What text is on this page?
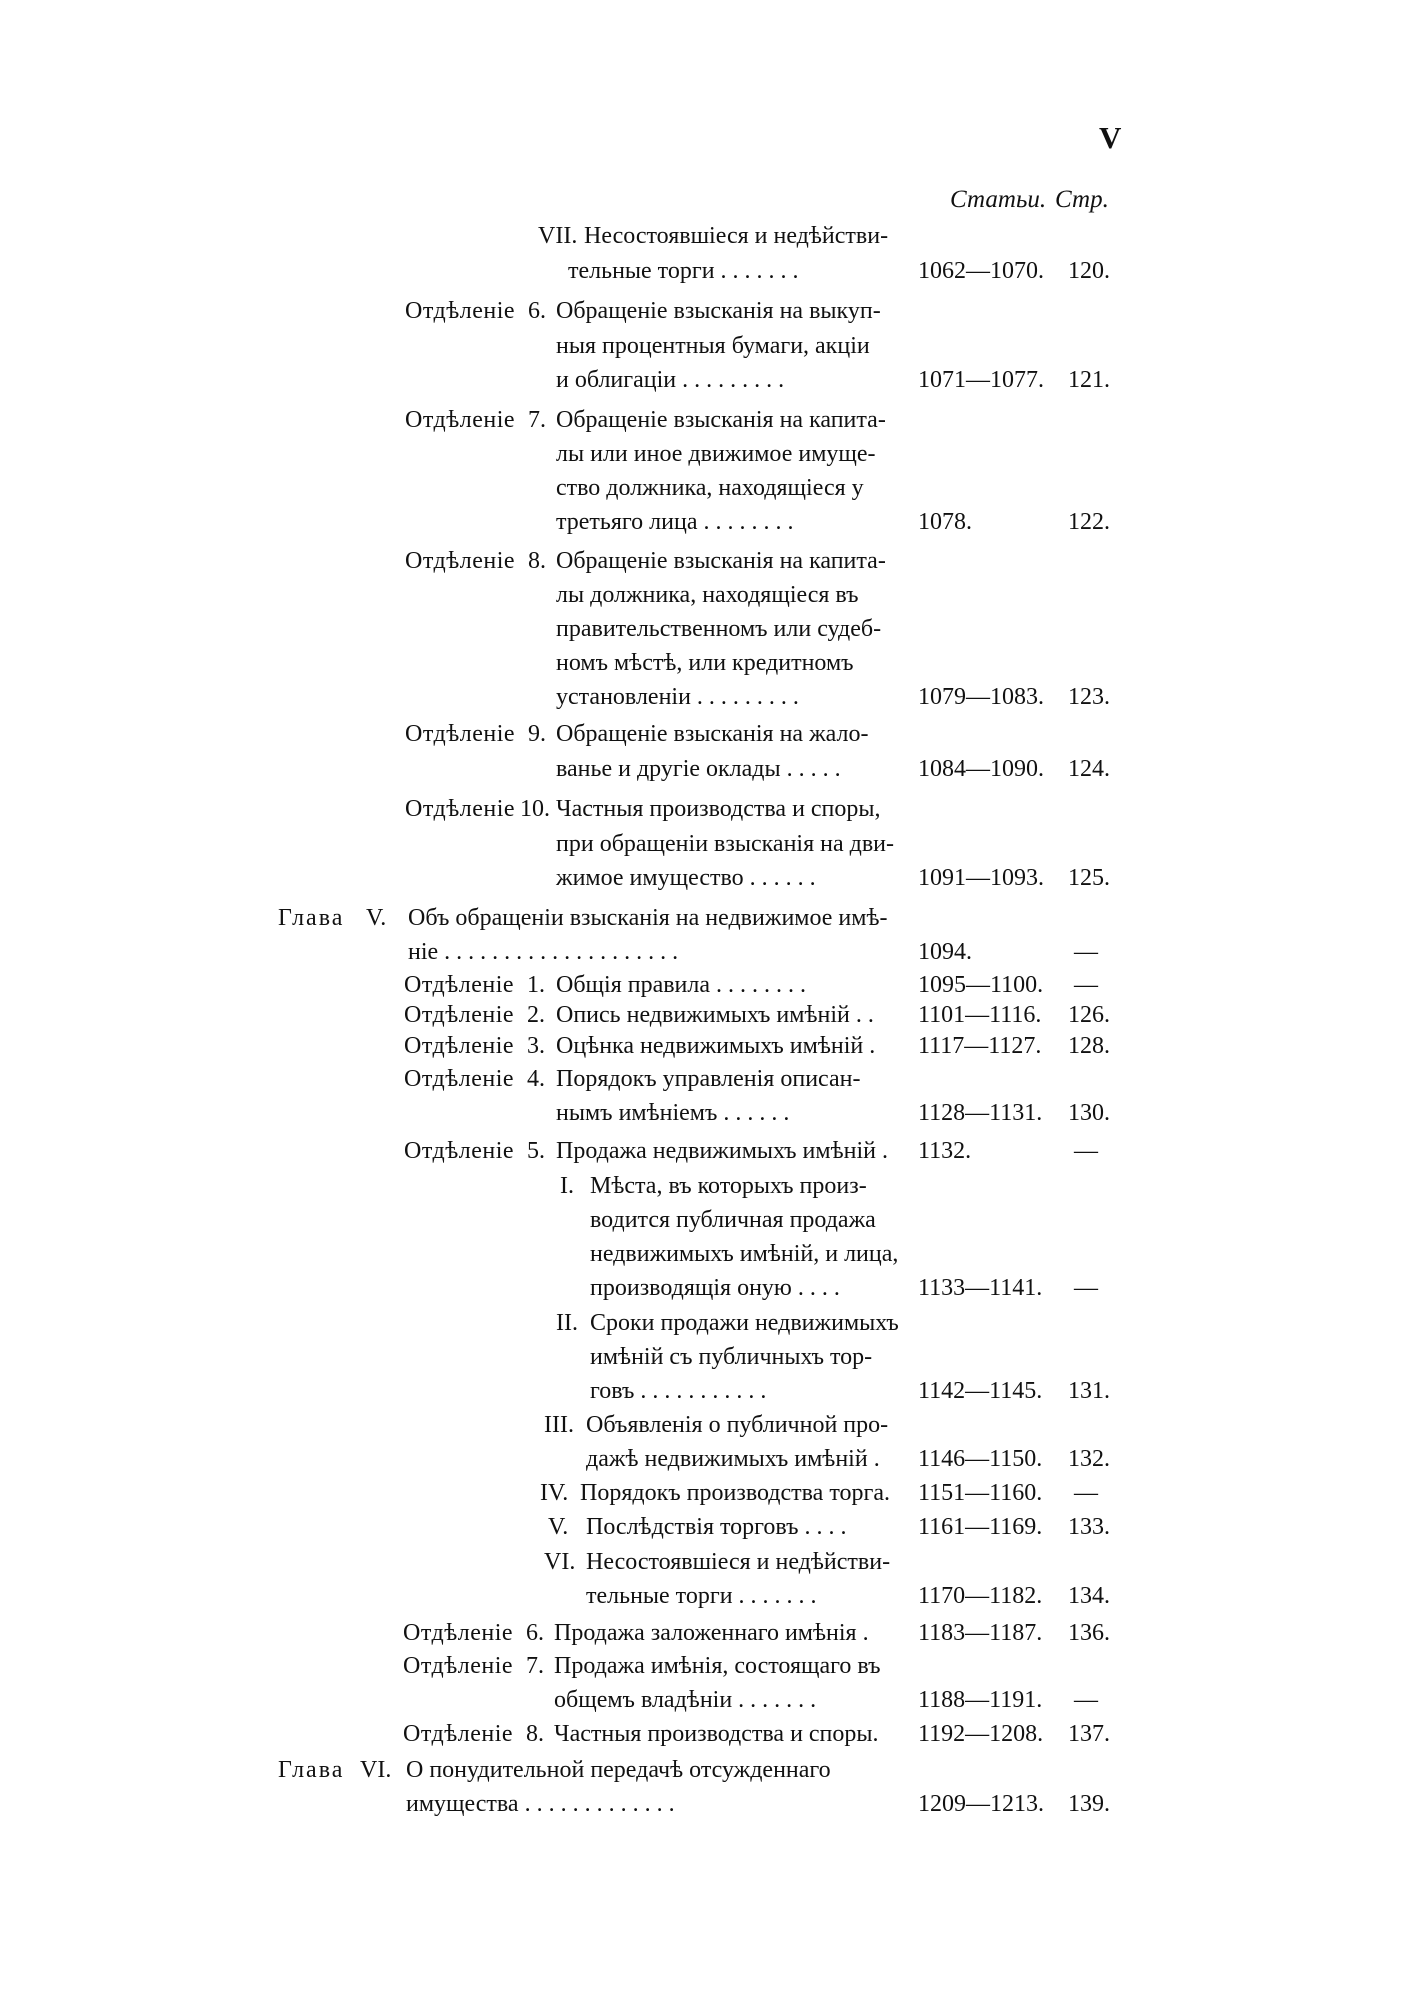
V
Статьи. Стр.
VII. Несостоявшіеся и недѣйстви-
тельные торги . . . . . . .	1062—1070. 120.
Отдѣленіе 6. Обращеніе взысканія на выкуп-
ныя процентныя бумаги, акціи
и облигаціи . . . . . . . . .	1071—1077. 121.
Отдѣленіе 7. Обращеніе взысканія на капита-
лы или иное движимое имуще-
ство должника, находящіеся у
третьяго лица . . . . . . . .	1078.	122.
Отдѣленіе 8. Обращеніе взысканія на капита-
лы должника, находящіеся въ
правительственномъ или судеб-
номъ мѣстѣ, или кредитномъ
установленіи . . . . . . . . .	1079—1083. 123.
Отдѣленіе 9. Обращеніе взысканія на жало-
ванье и другіе оклады . . . . .	1084—1090. 124.
Отдѣленіе 10. Частныя производства и споры,
при обращеніи взысканія на дви-
жимое имущество . . . . . .	1091—1093. 125.
Глава V. Объ обращеніи взысканія на недвижимое имѣ-
ніе . . . . . . . . . . . . . . . . . . . .	1094.	—
Отдѣленіе 1. Общія правила . . . . . . . .	1095—1100. —
Отдѣленіе 2. Опись недвижимыхъ имѣній . . 1101—1116. 126.
Отдѣленіе 3. Оцѣнка недвижимыхъ имѣній . 1117—1127. 128.
Отдѣленіе 4. Порядокъ управленія описан-
нымъ имѣніемъ . . . . . .	1128—1131. 130.
Отдѣленіе 5. Продажа недвижимыхъ имѣній . 1132.	—
I. Мѣста, въ которыхъ произ-
водится публичная продажа
недвижимыхъ имѣній, и лица,
производящія оную . . . .	1133—1141. —
II. Сроки продажи недвижимыхъ
имѣній съ публичныхъ тор-
говъ . . . . . . . . . . .	1142—1145. 131.
III. Объявленія о публичной про-
дажѣ недвижимыхъ имѣній . 1146—1150. 132.
IV. Порядокъ производства торга. 1151—1160. —
V. Послѣдствія торговъ . . . .	1161—1169. 133.
VI. Несостоявшіеся и недѣйстви-
тельные торги . . . . . . .	1170—1182. 134.
Отдѣленіе 6. Продажа заложеннаго имѣнія . 1183—1187. 136.
Отдѣленіе 7. Продажа имѣнія, состоящаго въ
общемъ владѣніи . . . . . . .	1188—1191. —
Отдѣленіе 8. Частныя производства и споры. 1192—1208. 137.
Глава VI. О понудительной передачѣ отсужденнаго
имущества . . . . . . . . . . . . .	1209—1213. 139.
